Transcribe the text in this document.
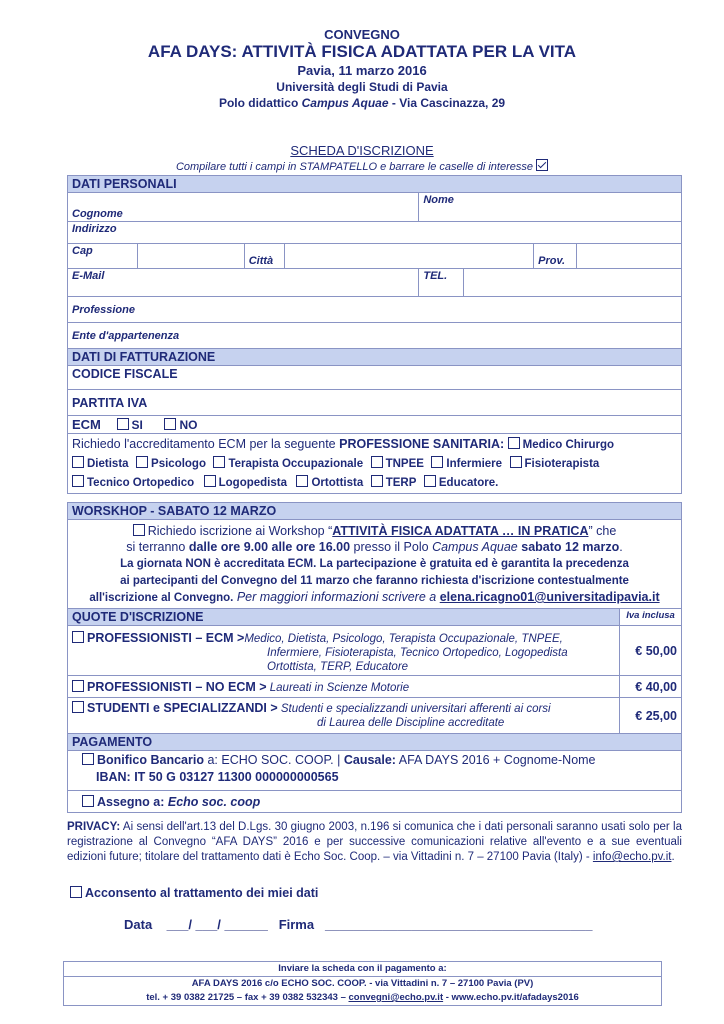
CONVEGNO
AFA DAYS: ATTIVITÀ FISICA ADATTATA PER LA VITA
Pavia, 11 marzo 2016
Università degli Studi di Pavia
Polo didattico Campus Aquae - Via Cascinazza, 29
SCHEDA D'ISCRIZIONE
Compilare tutti i campi in STAMPATELLO e barrare le caselle di interesse
DATI PERSONALI							
Cognome				Nome			
Indirizzo							
Cap		Città				Prov.	
E-Mail				TEL.			
Professione							
Ente d'appartenenza							
DATI DI FATTURAZIONE							
CODICE FISCALE							
PARTITA IVA							
ECM SI NO							
Richiedo l'accreditamento ECM per la seguente PROFESSIONE SANITARIA: Medico Chirurgo
Dietista Psicologo Terapista Occupazionale TNPEE Infermiere Fisioterapista
Tecnico Ortopedico Logopedista Ortottista TERP Educatore.							
WORSKHOP - SABATO 12 MARZO	
Richiedo iscrizione ai Workshop “ATTIVITÀ FISICA ADATTATA … IN PRATICA” che
si terranno dalle ore 9.00 alle ore 16.00 presso il Polo Campus Aquae sabato 12 marzo.
La giornata NON è accreditata ECM. La partecipazione è gratuita ed è garantita la precedenza
ai partecipanti del Convegno del 11 marzo che faranno richiesta d'iscrizione contestualmente
all'iscrizione al Convegno. Per maggiori informazioni scrivere a elena.ricagno01@universitadipavia.it	
QUOTE D'ISCRIZIONE	Iva inclusa
PROFESSIONISTI – ECM >Medico, Dietista, Psicologo, Terapista Occupazionale, TNPEE,
Infermiere, Fisioterapista, Tecnico Ortopedico, Logopedista
Ortottista, TERP, Educatore	€ 50,00
PROFESSIONISTI – NO ECM > Laureati in Scienze Motorie	€ 40,00
STUDENTI e SPECIALIZZANDI > Studenti e specializzandi universitari afferenti ai corsi
di Laurea delle Discipline accreditate	€ 25,00
PAGAMENTO	
Bonifico Bancario a: ECHO SOC. COOP. | Causale: AFA DAYS 2016 + Cognome-Nome
IBAN: IT 50 G 03127 11300 000000000565	
Assegno a: Echo soc. coop	
PRIVACY: Ai sensi dell'art.13 del D.Lgs. 30 giugno 2003, n.196 si comunica che i dati personali saranno usati solo per la registrazione al Convegno “AFA DAYS” 2016 e per successive comunicazioni relative all'evento e a sue eventuali edizioni future; titolare del trattamento dati è Echo Soc. Coop. – via Vittadini n. 7 – 27100 Pavia (Italy) - info@echo.pv.it.
Acconsento al trattamento dei miei dati
Data    ___/ ___/ ______ Firma _____________________________________
Inviare la scheda con il pagamento a:
AFA DAYS 2016 c/o ECHO SOC. COOP. - via Vittadini n. 7 – 27100 Pavia (PV)
tel. + 39 0382 21725 – fax + 39 0382 532343 – convegni@echo.pv.it - www.echo.pv.it/afadays2016
